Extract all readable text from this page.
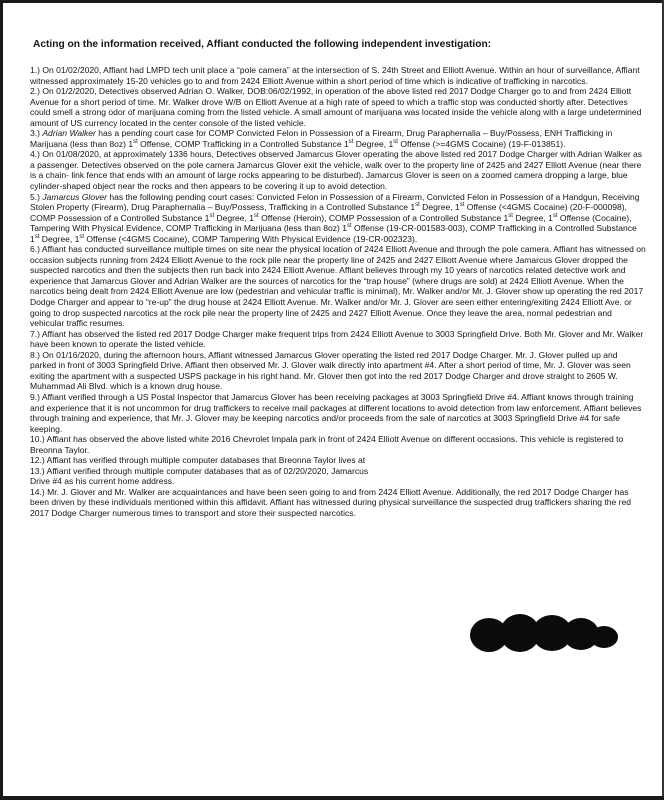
Acting on the information received, Affiant conducted the following independent investigation:

1.) On 01/02/2020, Affiant had LMPD tech unit place a “pole camera” at the intersection of S. 24th Street and Elliott Avenue. Within an hour of surveillance, Affiant witnessed approximately 15-20 vehicles go to and from 2424 Elliott Avenue within a short period of time which is indicative of trafficking in narcotics.

2.) On 01/2/2020, Detectives observed Adrian O. Walker, DOB:06/02/1992, in operation of the above listed red 2017 Dodge Charger go to and from 2424 Elliott Avenue for a short period of time. Mr. Walker drove W/B on Elliott Avenue at a high rate of speed to which a traffic stop was conducted shortly after. Detectives could smell a strong odor of marijuana coming from the listed vehicle. A small amount of marijuana was located inside the vehicle along with a large undetermined amount of US currency located in the center console of the listed vehicle.

3.) Adrian Walker has a pending court case for COMP Convicted Felon in Possession of a Firearm, Drug Paraphernalia – Buy/Possess, ENH Trafficking in Marijuana (less than 8oz) 1st Offense, COMP Trafficking in a Controlled Substance 1st Degree, 1st Offense (>=4GMS Cocaine) (19-F-013851).

4.) On 01/08/2020, at approximately 1336 hours, Detectives observed Jamarcus Glover operating the above listed red 2017 Dodge Charger with Adrian Walker as a passenger. Detectives observed on the pole camera Jamarcus Glover exit the vehicle, walk over to the property line of 2425 and 2427 Elliott Avenue (near there is a chain- link fence that ends with an amount of large rocks appearing to be disturbed). Jamarcus Glover is seen on a zoomed camera dropping a large, blue cylinder-shaped object near the rocks and then appears to be covering it up to avoid detection.

5.) Jamarcus Glover has the following pending court cases: Convicted Felon in Possession of a Firearm, Convicted Felon in Possession of a Handgun, Receiving Stolen Property (Firearm), Drug Paraphernalia – Buy/Possess, Trafficking in a Controlled Substance 1st Degree, 1st Offense (<4GMS Cocaine) (20-F-000098), COMP Possession of a Controlled Substance 1st Degree, 1st Offense (Heroin), COMP Possession of a Controlled Substance 1st Degree, 1st Offense (Cocaine), Tampering With Physical Evidence, COMP Trafficking in Marijuana (less than 8oz) 1st Offense (19-CR-001583-003), COMP Trafficking in a Controlled Substance 1st Degree, 1st Offense (<4GMS Cocaine), COMP Tampering With Physical Evidence (19-CR-002323).

6.) Affiant has conducted surveillance multiple times on site near the physical location of 2424 Elliott Avenue and through the pole camera. Affiant has witnessed on occasion subjects running from 2424 Elliott Avenue to the rock pile near the property line of 2425 and 2427 Elliott Avenue where Jamarcus Glover dropped the suspected narcotics and then the subjects then run back into 2424 Elliott Avenue. Affiant believes through my 10 years of narcotics related detective work and experience that Jamarcus Glover and Adrian Walker are the sources of narcotics for the “trap house” (where drugs are sold) at 2424 Elliott Avenue. When the narcotics being dealt from 2424 Elliott Avenue are low (pedestrian and vehicular traffic is minimal), Mr. Walker and/or Mr. J. Glover show up operating the red 2017 Dodge Charger and appear to “re-up” the drug house at 2424 Elliott Avenue. Mr. Walker and/or Mr. J. Glover are seen either entering/exiting 2424 Elliott Ave. or going to drop suspected narcotics at the rock pile near the property line of 2425 and 2427 Elliott Avenue. Once they leave the area, normal pedestrian and vehicular traffic resumes.

7.) Affiant has observed the listed red 2017 Dodge Charger make frequent trips from 2424 Elliott Avenue to 3003 Springfield Drive. Both Mr. Glover and Mr. Walker have been known to operate the listed vehicle.

8.) On 01/16/2020, during the afternoon hours, Affiant witnessed Jamarcus Glover operating the listed red 2017 Dodge Charger. Mr. J. Glover pulled up and parked in front of 3003 Springfield Drive. Affiant then observed Mr. J. Glover walk directly into apartment #4. After a short period of time, Mr. J. Glover was seen exiting the apartment with a suspected USPS package in his right hand. Mr. Glover then got into the red 2017 Dodge Charger and drove straight to 2605 W. Muhammad Ali Blvd. which is a known drug house.

9.) Affiant verified through a US Postal Inspector that Jamarcus Glover has been receiving packages at 3003 Springfield Drive #4. Affiant knows through training and experience that it is not uncommon for drug traffickers to receive mail packages at different locations to avoid detection from law enforcement. Affiant believes through training and experience, that Mr. J. Glover may be keeping narcotics and/or proceeds from the sale of narcotics at 3003 Springfield Drive #4 for safe keeping.

10.) Affiant has observed the above listed white 2016 Chevrolet Impala park in front of 2424 Elliott Avenue on different occasions. This vehicle is registered to Breonna Taylor.

12.) Affiant has verified through multiple computer databases that Breonna Taylor lives at

13.) Affiant verified through multiple computer databases that as of 02/20/2020, Jamarcus
Drive #4 as his current home address.

14.) Mr. J. Glover and Mr. Walker are acquaintances and have been seen going to and from 2424 Elliott Avenue. Additionally, the red 2017 Dodge Charger has been driven by these individuals mentioned within this affidavit. Affiant has witnessed during physical surveillance the suspected drug traffickers sharing the red 2017 Dodge Charger numerous times to transport and store their suspected narcotics.
